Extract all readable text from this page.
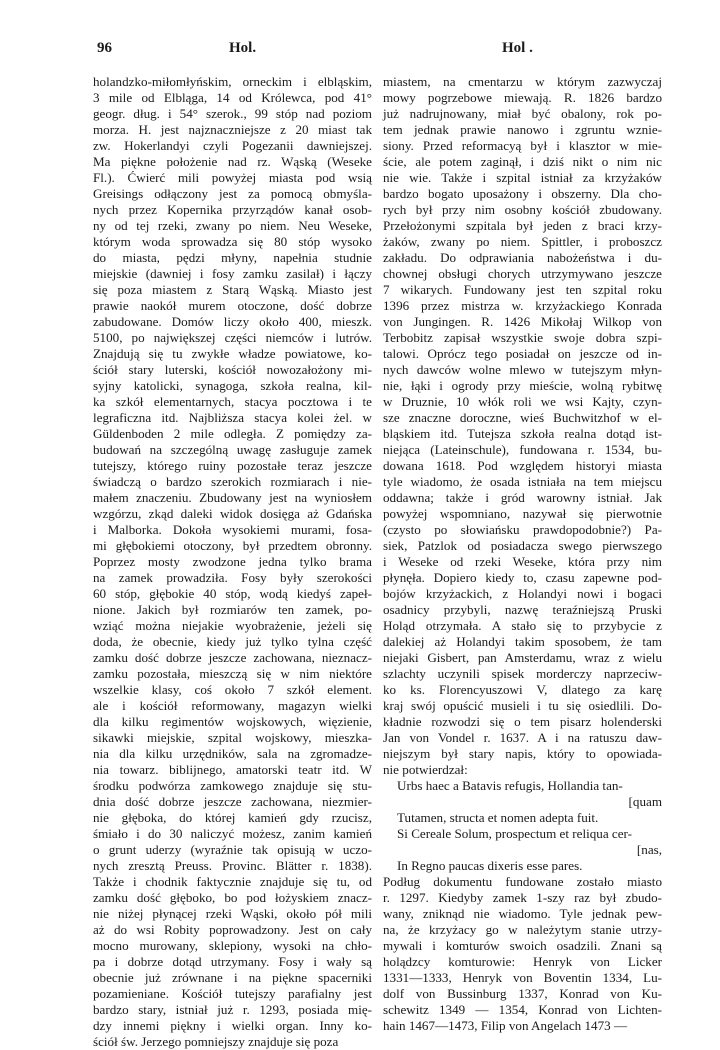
96	Hol.	Hol .
holandzko-miłomłyńskim, orneckim i elbląskim,
3 mile od Elbląga, 14 od Królewca, pod 41°
geogr. dług. i 54° szerok., 99 stóp nad poziom
morza. H. jest najznaczniejsze z 20 miast tak
zw. Hokerlandyi czyli Pogezanii dawniejszej.
Ma piękne położenie nad rz. Wąską (Weseke
Fl.). Ćwierć mili powyżej miasta pod wsią
Greisings odłączony jest za pomocą obmyśla-
nych przez Kopernika przyrządów kanał osob-
ny od tej rzeki, zwany po niem. Neu Weseke,
którym woda sprowadza się 80 stóp wysoko
do miasta, pędzi młyny, napełnia studnie
miejskie (dawniej i fosy zamku zasilał) i łączy
się poza miastem z Starą Wąską. Miasto jest
prawie naokół murem otoczone, dość dobrze
zabudowane. Domów liczy około 400, mieszk.
5100, po największej części niemców i lutrów.
Znajdują się tu zwykłe władze powiatowe, ko-
ściół stary luterski, kościół nowozałożony mi-
syjny katolicki, synagoga, szkoła realna, kil-
ka szkół elementarnych, stacya pocztowa i te
legraficzna itd. Najbliższa stacya kolei żel. w
Güldenboden 2 mile odległa. Z pomiędzy za-
budowań na szczególną uwagę zasługuje zamek
tutejszy, którego ruiny pozostałe teraz jeszcze
świadczą o bardzo szerokich rozmiarach i nie-
małem znaczeniu. Zbudowany jest na wyniosłem
wzgórzu, zkąd daleki widok dosięga aż Gdańska
i Malborka. Dokoła wysokiemi murami, fosa-
mi głębokiemi otoczony, był przedtem obronny.
Poprzez mosty zwodzone jedna tylko brama
na zamek prowadziła. Fosy były szerokości
60 stóp, głębokie 40 stóp, wodą kiedyś zapeł-
nione. Jakich był rozmiarów ten zamek, po-
wziąć można niejakie wyobrażenie, jeżeli się
doda, że obecnie, kiedy już tylko tylna część
zamku dość dobrze jeszcze zachowana, nieznacz-
zamku pozostała, mieszczą się w nim niektóre
wszelkie klasy, coś około 7 szkół element.
ale i kościół reformowany, magazyn wielki
dla kilku regimentów wojskowych, więzienie,
sikawki miejskie, szpital wojskowy, mieszka-
nia dla kilku urzędników, sala na zgromadze-
nia towarz. biblijnego, amatorski teatr itd. W
środku podwórza zamkowego znajduje się stu-
dnia dość dobrze jeszcze zachowana, niezmier-
nie głęboka, do której kamień gdy rzucisz,
śmiało i do 30 naliczyć możesz, zanim kamień
o grunt uderzy (wyraźnie tak opisują w uczo-
nych zresztą Preuss. Provinc. Blätter r. 1838).
Także i chodnik faktycznie znajduje się tu, od
zamku dość głęboko, bo pod łożyskiem znacz-
nie niżej płynącej rzeki Wąski, około pół mili
aż do wsi Robity poprowadzony. Jest on cały
mocno murowany, sklepiony, wysoki na chło-
pa i dobrze dotąd utrzymany. Fosy i wały są
obecnie już zrównane i na piękne spacerniki
pozamieniane. Kościół tutejszy parafialny jest
bardzo stary, istniał już r. 1293, posiada mię-
dzy innemi piękny i wielki organ. Inny ko-
ściół św. Jerzego pomniejszy znajduje się poza
miastem, na cmentarzu w którym zazwyczaj
mowy pogrzebowe miewają. R. 1826 bardzo
już nadrujnowany, miał być obalony, rok po-
tem jednak prawie nanowo i zgruntu wznie-
siony. Przed reformacyą był i klasztor w mie-
ście, ale potem zaginął, i dziś nikt o nim nic
nie wie. Także i szpital istniał za krzyżaków
bardzo bogato uposażony i obszerny. Dla cho-
rych był przy nim osobny kościół zbudowany.
Przełożonymi szpitala był jeden z braci krzy-
żaków, zwany po niem. Spittler, i proboszcz
zakładu. Do odprawiania nabożeństwa i du-
chownej obsługi chorych utrzymywano jeszcze
7 wikarych. Fundowany jest ten szpital roku
1396 przez mistrza w. krzyżackiego Konrada
von Jungingen. R. 1426 Mikołaj Wilkop von
Terbobitz zapisał wszystkie swoje dobra szpi-
talowi. Oprócz tego posiadał on jeszcze od in-
nych dawców wolne mlewo w tutejszym młyn-
nie, łąki i ogrody przy mieście, wolną rybitwę
w Druznie, 10 włók roli we wsi Kajty, czyn-
sze znaczne doroczne, wieś Buchwitzhof w el-
bląskiem itd. Tutejsza szkoła realna dotąd ist-
niejąca (Lateinschule), fundowana r. 1534, bu-
dowana 1618. Pod względem historyi miasta
tyle wiadomo, że osada istniała na tem miejscu
oddawna; także i gród warowny istniał. Jak
powyżej wspomniano, nazywał się pierwotnie
(czysto po słowiańsku prawdopodobnie?) Pa-
siek, Patzlok od posiadacza swego pierwszego
i Weseke od rzeki Weseke, która przy nim
płynęła. Dopiero kiedy to, czasu zapewne pod-
bojów krzyżackich, z Holandyi nowi i bogaci
osadnicy przybyli, nazwę teraźniejszą Pruski
Holąd otrzymała. A stało się to przybycie z
dalekiej aż Holandyi takim sposobem, że tam
niejaki Gisbert, pan Amsterdamu, wraz z wielu
szlachty uczynili spisek morderczy naprzeciw-
ko ks. Florencyuszowi V, dlatego za karę
kraj swój opuścić musieli i tu się osiedlili. Do-
kładnie rozwodzi się o tem pisarz holenderski
Jan von Vondel r. 1637. A i na ratuszu daw-
niejszym był stary napis, który to opowiada-
nie potwierdzał:
Urbs haec a Batavis refugis, Hollandia tan-
[quam
Tutamen, structa et nomen adepta fuit.
Si Cereale Solum, prospectum et reliqua cer-
[nas,
In Regno paucas dixeris esse pares.
Podług dokumentu fundowane zostało miasto
r. 1297. Kiedyby zamek 1-szy raz był zbudo-
wany, zniknąd nie wiadomo. Tyle jednak pew-
na, że krzyżacy go w należytym stanie utrzy-
mywali i komturów swoich osadzili. Znani są
holądzcy komturowie: Henryk von Licker
1331—1333, Henryk von Boventin 1334, Lu-
dolf von Bussinburg 1337, Konrad von Ku-
schewitz 1349 — 1354, Konrad von Lichten-
hain 1467—1473, Filip von Angelach 1473 —
